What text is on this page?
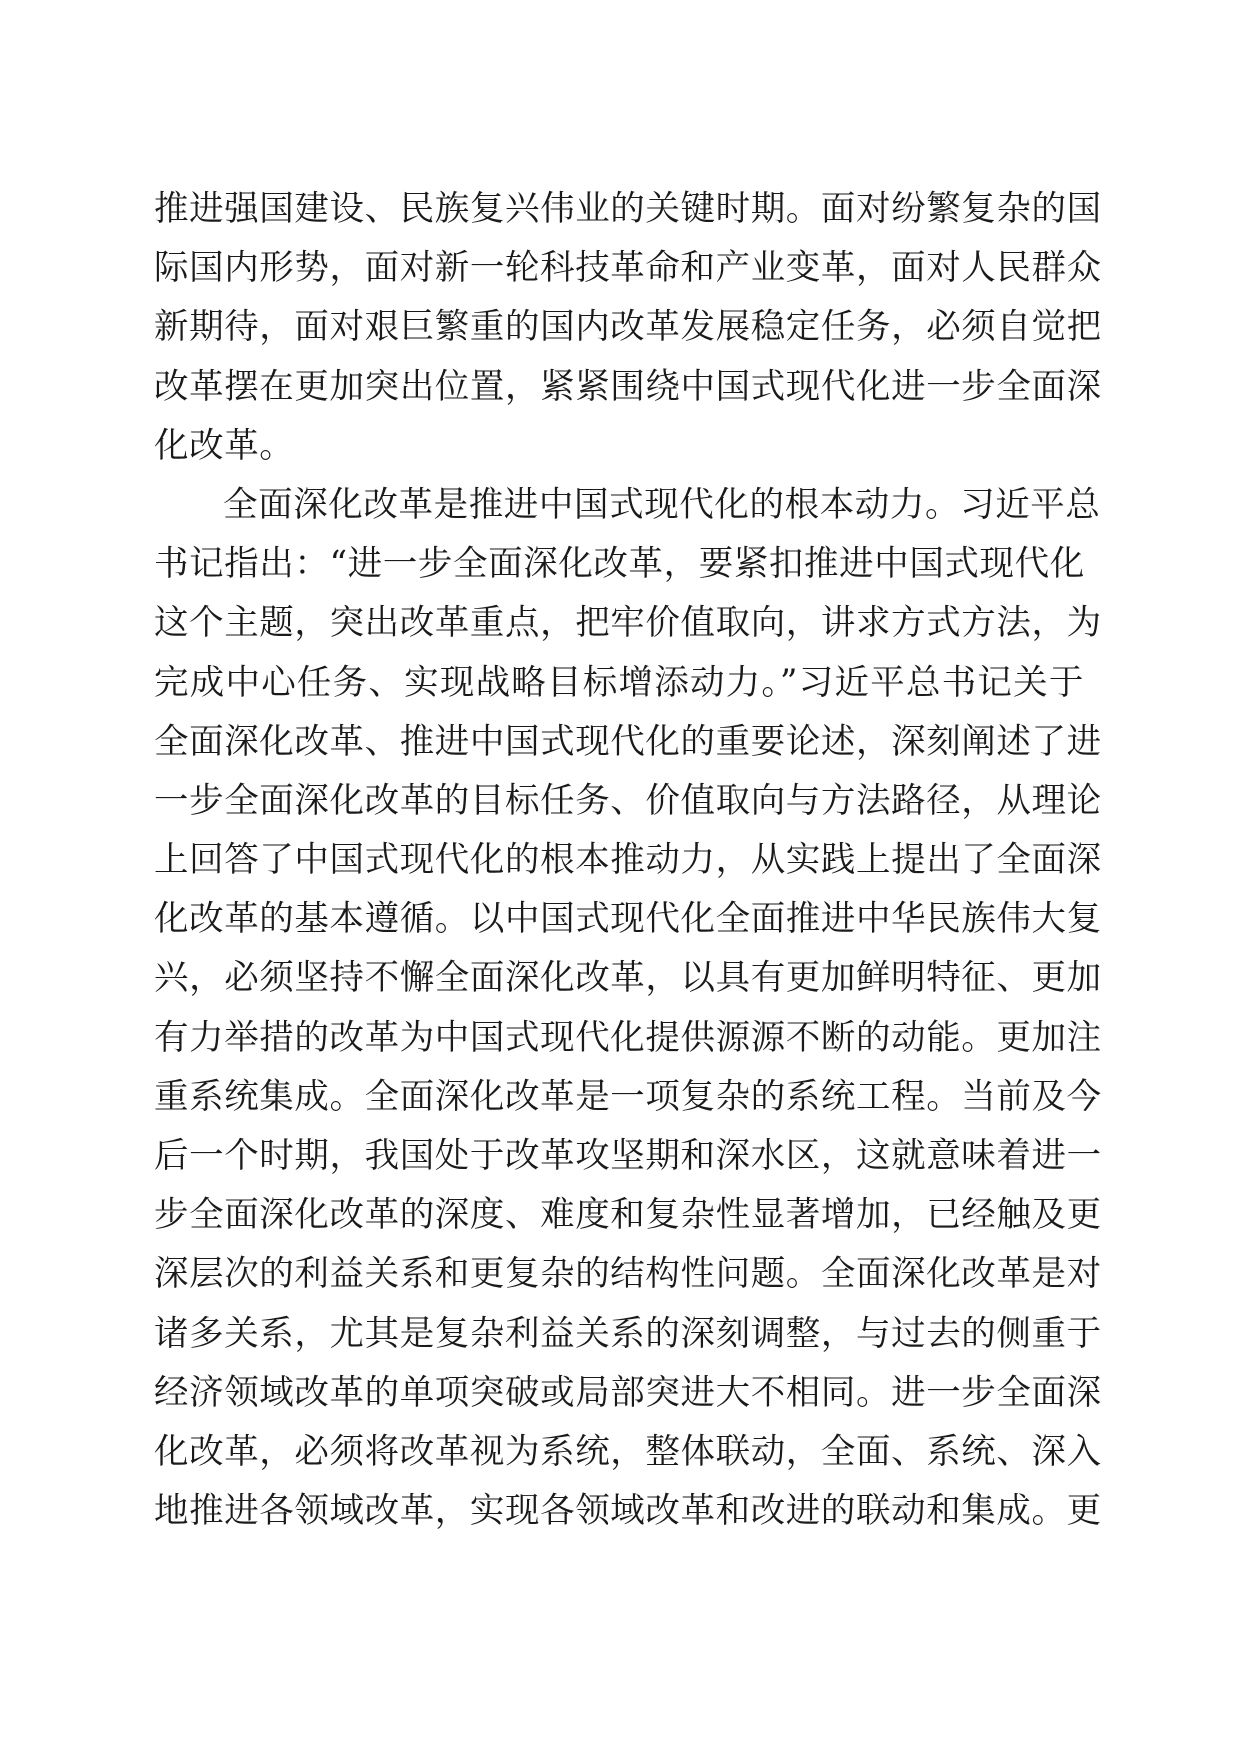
推进强国建设、民族复兴伟业的关键时期。面对纷繁复杂的国
际国内形势，面对新一轮科技革命和产业变革，面对人民群众
新期待，面对艰巨繁重的国内改革发展稳定任务，必须自觉把
改革摆在更加突出位置，紧紧围绕中国式现代化进一步全面深
化改革。
全面深化改革是推进中国式现代化的根本动力。习近平总
书记指出：“进一步全面深化改革，要紧扣推进中国式现代化
这个主题，突出改革重点，把牢价值取向，讲求方式方法，为
完成中心任务、实现战略目标增添动力。”习近平总书记关于
全面深化改革、推进中国式现代化的重要论述，深刻阐述了进
一步全面深化改革的目标任务、价值取向与方法路径，从理论
上回答了中国式现代化的根本推动力，从实践上提出了全面深
化改革的基本遵循。以中国式现代化全面推进中华民族伟大复
兴，必须坚持不懈全面深化改革，以具有更加鲜明特征、更加
有力举措的改革为中国式现代化提供源源不断的动能。更加注
重系统集成。全面深化改革是一项复杂的系统工程。当前及今
后一个时期，我国处于改革攻坚期和深水区，这就意味着进一
步全面深化改革的深度、难度和复杂性显著增加，已经触及更
深层次的利益关系和更复杂的结构性问题。全面深化改革是对
诸多关系，尤其是复杂利益关系的深刻调整，与过去的侧重于
经济领域改革的单项突破或局部突进大不相同。进一步全面深
化改革，必须将改革视为系统，整体联动，全面、系统、深入
地推进各领域改革，实现各领域改革和改进的联动和集成。更
